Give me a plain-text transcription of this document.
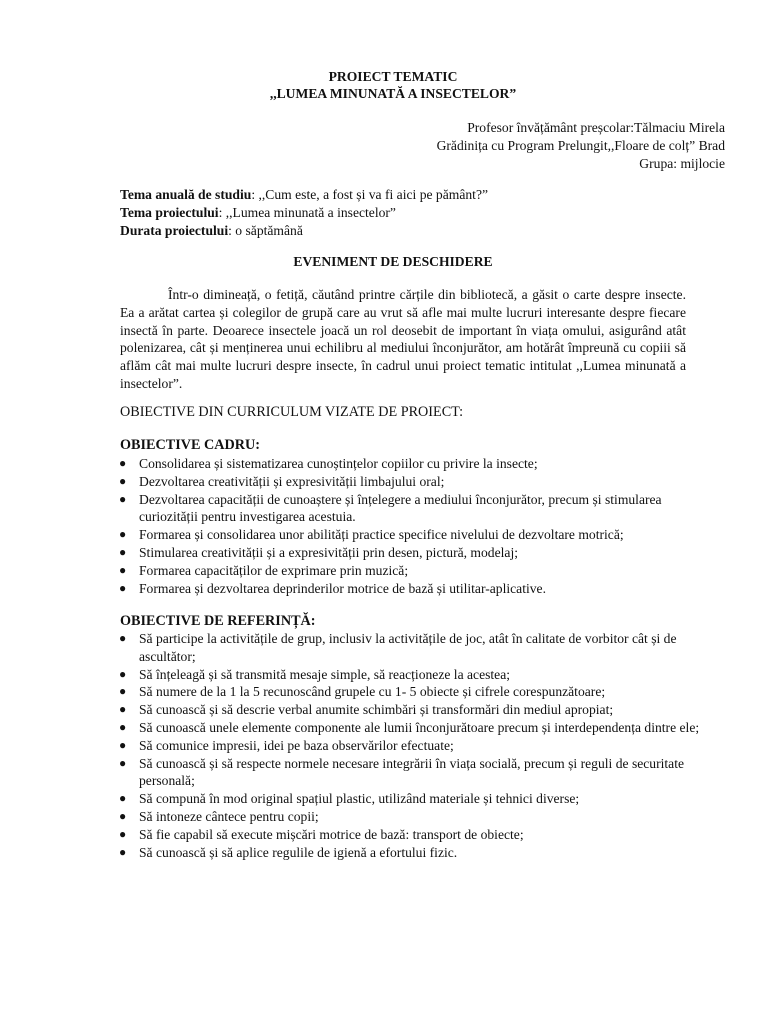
PROIECT TEMATIC
,,LUMEA MINUNATĂ A INSECTELOR”
Profesor învățământ preșcolar:Tălmaciu Mirela
Grădinița cu Program Prelungit,,Floare de colț” Brad
Grupa: mijlocie
Tema anuală de studiu: ,,Cum este, a fost și va fi aici pe pământ?”
Tema proiectului: ,,Lumea minunată a insectelor”
Durata proiectului: o săptămână
EVENIMENT DE DESCHIDERE

Într-o dimineață, o fetiță, căutând printre cărțile din bibliotecă, a găsit o carte despre insecte. Ea a arătat cartea și colegilor de grupă care au vrut să afle mai multe lucruri interesante despre fiecare insectă în parte. Deoarece insectele joacă un rol deosebit de important în viața omului, asigurând atât polenizarea, cât și menținerea unui echilibru al mediului înconjurător, am hotărât împreună cu copiii să aflăm cât mai multe lucruri despre insecte, în cadrul unui proiect tematic intitulat ,,Lumea minunată a insectelor”.

OBIECTIVE DIN CURRICULUM VIZATE DE PROIECT:
OBIECTIVE CADRU:
● Consolidarea și sistematizarea cunoștințelor copiilor cu privire la insecte;
● Dezvoltarea creativității și expresivității limbajului oral;
● Dezvoltarea capacității de cunoaștere și înțelegere a mediului înconjurător, precum și stimularea curiozității pentru investigarea acestuia.
● Formarea și consolidarea unor abilități practice specifice nivelului de dezvoltare motrică;
● Stimularea creativității și a expresivității prin desen, pictură, modelaj;
● Formarea capacităților de exprimare prin muzică;
● Formarea și dezvoltarea deprinderilor motrice de bază și utilitar-aplicative.
OBIECTIVE DE REFERINȚĂ:
● Să participe la activitățile de grup, inclusiv la activitățile de joc, atât în calitate de vorbitor cât și de ascultător;
● Să înțeleagă și să transmită mesaje simple, să reacționeze la acestea;
● Să numere de la 1 la 5 recunoscând grupele cu 1- 5 obiecte și cifrele corespunzătoare;
● Să cunoască și să descrie verbal anumite schimbări și transformări din mediul apropiat;
● Să cunoască unele elemente componente ale lumii înconjurătoare precum și interdependența dintre ele;
● Să comunice impresii, idei pe baza observărilor efectuate;
● Să cunoască și să respecte normele necesare integrării în viața socială, precum și reguli de securitate personală;
● Să compună în mod original spațiul plastic, utilizând materiale și tehnici diverse;
● Să intoneze cântece pentru copii;
● Să fie capabil să execute mișcări motrice de bază: transport de obiecte;
● Să cunoască și să aplice regulile de igienă a efortului fizic.
